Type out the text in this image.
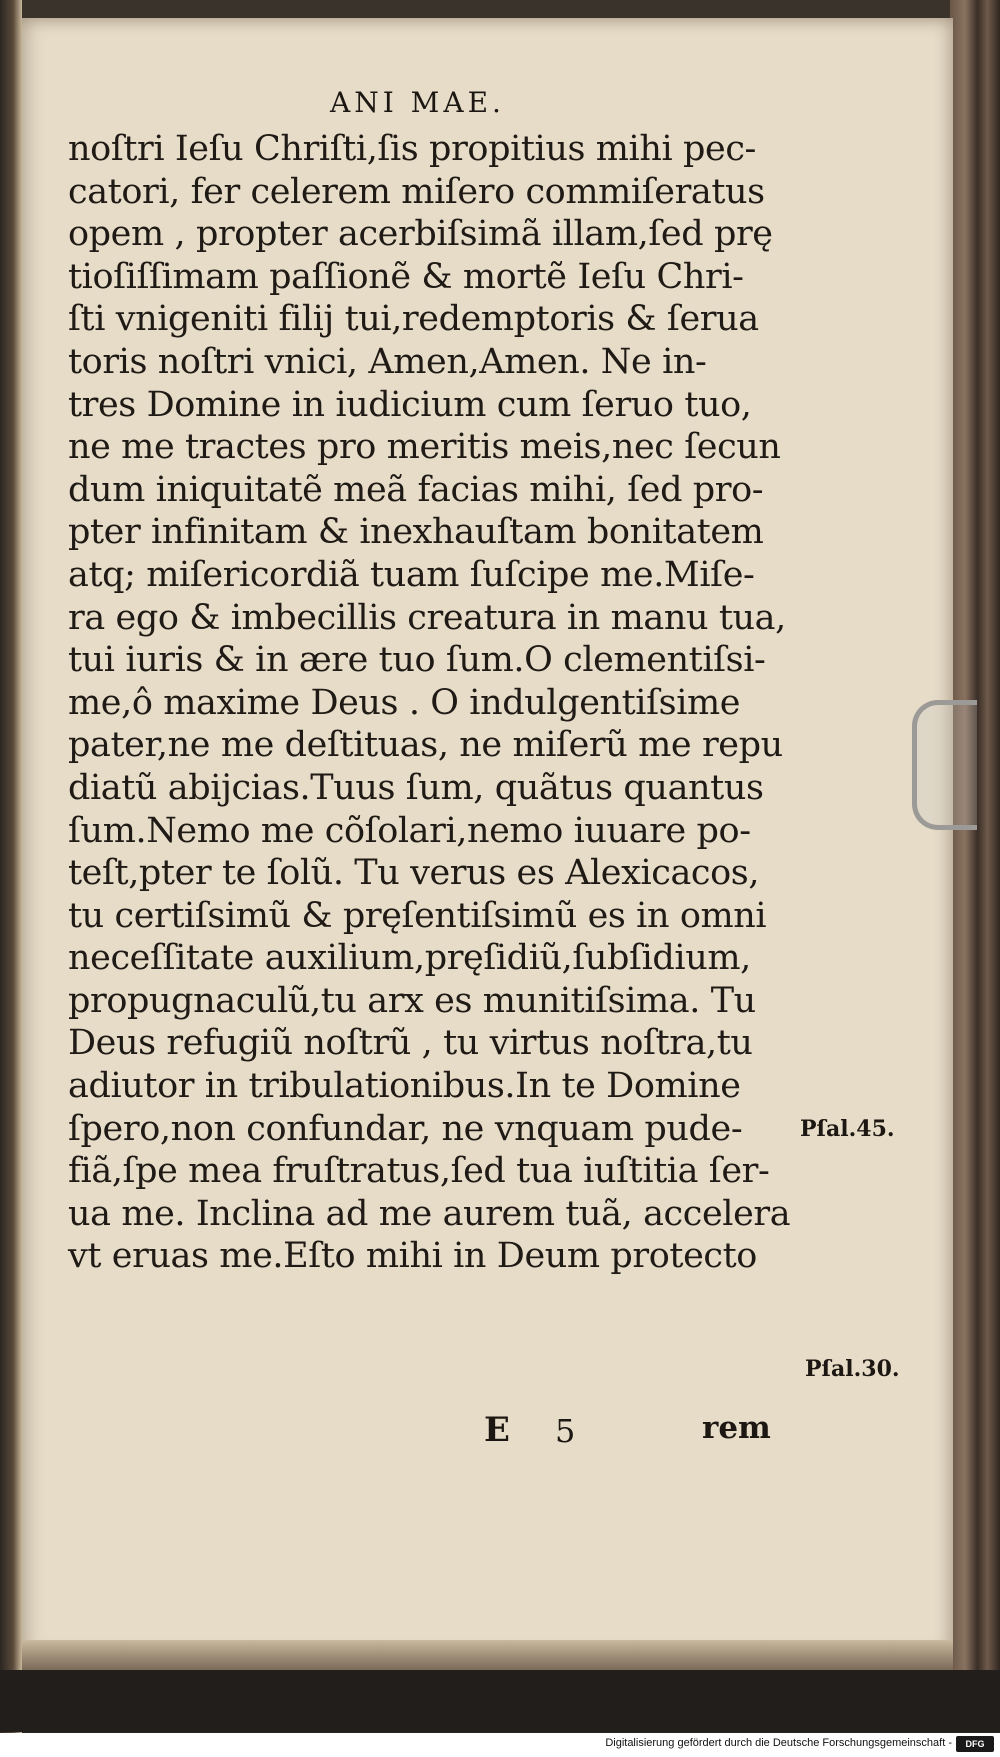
ANI MAE.
noſtri Ieſu Chriſti,ſis propitius mihi pec-
catori, fer celerem miſero commiſeratus
opem , propter acerbiſsimã illam,ſed prę
tioſiſſimam paſſionẽ & mortẽ Ieſu Chri-
ſti vnigeniti filij tui,redemptoris & ſerua
toris noſtri vnici, Amen,Amen. Ne in-
tres Domine in iudicium cum ſeruo tuo,
ne me tractes pro meritis meis,nec ſecun
dum iniquitatẽ meã facias mihi, ſed pro-
pter infinitam & inexhauſtam bonitatem
atq; miſericordiã tuam ſuſcipe me.Miſe-
ra ego & imbecillis creatura in manu tua,
tui iuris & in ære tuo ſum.O clementiſsi-
me,ô maxime Deus . O indulgentiſsime
pater,ne me deſtituas, ne miſerũ me repu
diatũ abijcias.Tuus ſum, quãtus quantus
ſum.Nemo me cõſolari,nemo iuuare po-
teſt,pter te ſolũ. Tu verus es Alexicacos,
tu certiſsimũ & pręſentiſsimũ es in omni
neceſſitate auxilium,pręſidiũ,ſubſidium,
propugnaculũ,tu arx es munitiſsima. Tu
Deus refugiũ noſtrũ , tu virtus noſtra,tu
adiutor in tribulationibus.In te Domine
ſpero,non confundar, ne vnquam pude-
fiã,ſpe mea fruſtratus,ſed tua iuſtitia ſer-
ua me. Inclina ad me aurem tuã, accelera
vt eruas me.Eſto mihi in Deum protecto
Pſal.45.
Pſal.30.
E 5	rem
Digitalisierung gefördert durch die Deutsche Forschungsgemeinschaft -	DFG
